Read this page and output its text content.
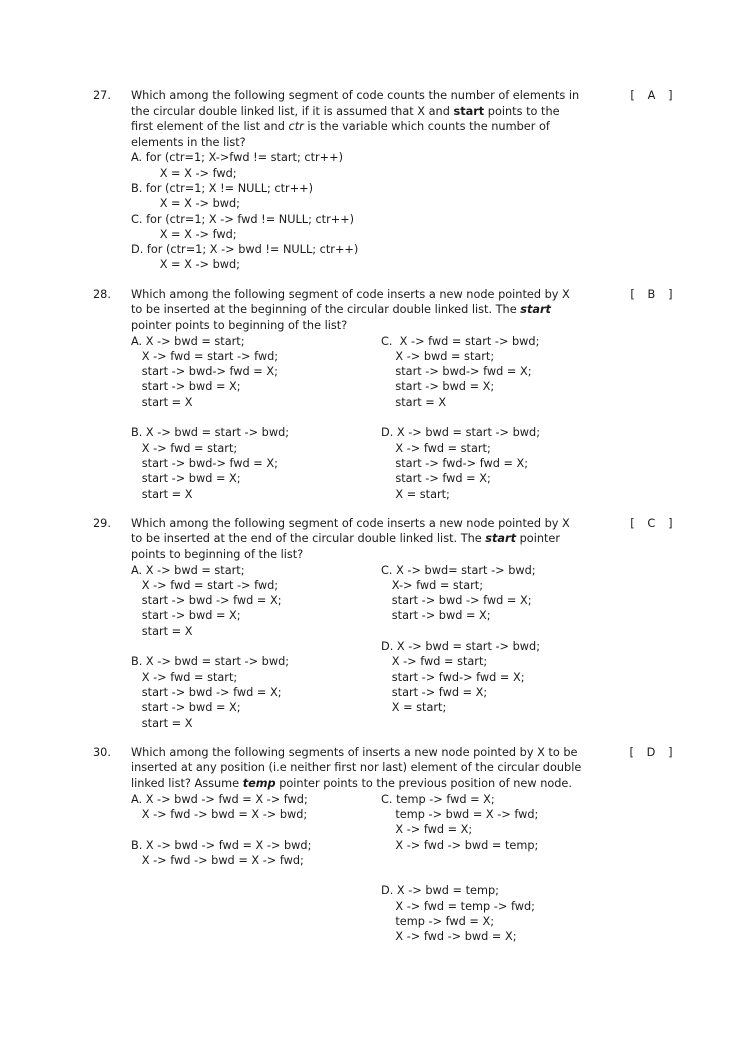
27.	Which among the following segment of code counts the number of elements in the circular double linked list, if it is assumed that X and start points to the first element of the list and ctr is the variable which counts the number of elements in the list?
[   A   ]
A. for (ctr=1; X->fwd != start; ctr++)
X = X -> fwd;
B. for (ctr=1; X != NULL; ctr++)
X = X -> bwd;
C. for (ctr=1; X -> fwd != NULL; ctr++)
X = X -> fwd;
D. for (ctr=1; X -> bwd != NULL; ctr++)
X = X -> bwd;
28.	Which among the following segment of code inserts a new node pointed by X to be inserted at the beginning of the circular double linked list. The start pointer points to beginning of the list?
[   B   ]
A. X -> bwd = start;
X -> fwd = start -> fwd;
start -> bwd-> fwd = X;
start -> bwd = X;
start = X

B. X -> bwd = start -> bwd;
X -> fwd = start;
start -> bwd-> fwd = X;
start -> bwd = X;
start = X
C.  X -> fwd = start -> bwd;
X -> bwd = start;
start -> bwd-> fwd = X;
start -> bwd = X;
start = X

D. X -> bwd = start -> bwd;
X -> fwd = start;
start -> fwd-> fwd = X;
start -> fwd = X;
X = start;
29.	Which among the following segment of code inserts a new node pointed by X to be inserted at the end of the circular double linked list. The start pointer points to beginning of the list?
[   C   ]
A. X -> bwd = start;
X -> fwd = start -> fwd;
start -> bwd -> fwd = X;
start -> bwd = X;
start = X

B. X -> bwd = start -> bwd;
X -> fwd = start;
start -> bwd -> fwd = X;
start -> bwd = X;
start = X
C. X -> bwd= start -> bwd;
X-> fwd = start;
start -> bwd -> fwd = X;
start -> bwd = X;

D. X -> bwd = start -> bwd;
X -> fwd = start;
start -> fwd-> fwd = X;
start -> fwd = X;
X = start;
30.	Which among the following segments of inserts a new node pointed by X to be inserted at any position (i.e neither first nor last) element of the circular double linked list? Assume temp pointer points to the previous position of new node.
[   D   ]
A. X -> bwd -> fwd = X -> fwd;
X -> fwd -> bwd = X -> bwd;

B. X -> bwd -> fwd = X -> bwd;
X -> fwd -> bwd = X -> fwd;
C. temp -> fwd = X;
temp -> bwd = X -> fwd;
X -> fwd = X;
X -> fwd -> bwd = temp;

D. X -> bwd = temp;
X -> fwd = temp -> fwd;
temp -> fwd = X;
X -> fwd -> bwd = X;
